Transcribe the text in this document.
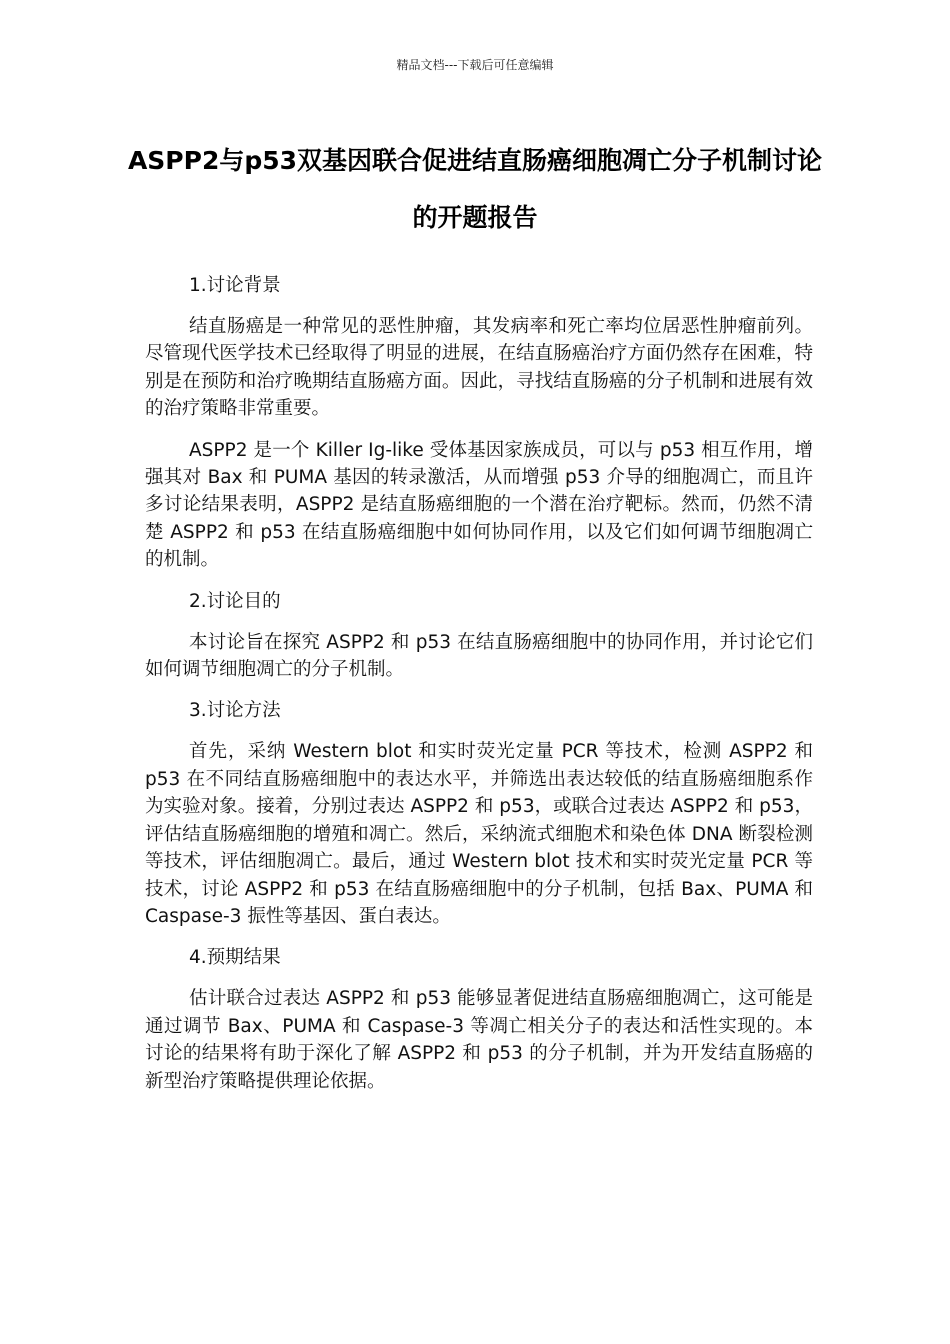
精品文档---下载后可任意编辑
ASPP2与p53双基因联合促进结直肠癌细胞凋亡分子机制讨论的开题报告

1.讨论背景

结直肠癌是一种常见的恶性肿瘤，其发病率和死亡率均位居恶性肿瘤前列。尽管现代医学技术已经取得了明显的进展，在结直肠癌治疗方面仍然存在困难，特别是在预防和治疗晚期结直肠癌方面。因此，寻找结直肠癌的分子机制和进展有效的治疗策略非常重要。

ASPP2 是一个 Killer Ig-like 受体基因家族成员，可以与 p53 相互作用，增强其对 Bax 和 PUMA 基因的转录激活，从而增强 p53 介导的细胞凋亡，而且许多讨论结果表明，ASPP2 是结直肠癌细胞的一个潜在治疗靶标。然而，仍然不清楚 ASPP2 和 p53 在结直肠癌细胞中如何协同作用，以及它们如何调节细胞凋亡的机制。

2.讨论目的

本讨论旨在探究 ASPP2 和 p53 在结直肠癌细胞中的协同作用，并讨论它们如何调节细胞凋亡的分子机制。

3.讨论方法

首先，采纳 Western blot 和实时荧光定量 PCR 等技术，检测 ASPP2 和 p53 在不同结直肠癌细胞中的表达水平，并筛选出表达较低的结直肠癌细胞系作为实验对象。接着，分别过表达 ASPP2 和 p53，或联合过表达 ASPP2 和 p53，评估结直肠癌细胞的增殖和凋亡。然后，采纳流式细胞术和染色体 DNA 断裂检测等技术，评估细胞凋亡。最后，通过 Western blot 技术和实时荧光定量 PCR 等技术，讨论 ASPP2 和 p53 在结直肠癌细胞中的分子机制，包括 Bax、PUMA 和 Caspase-3 振性等基因、蛋白表达。

4.预期结果

估计联合过表达 ASPP2 和 p53 能够显著促进结直肠癌细胞凋亡，这可能是通过调节 Bax、PUMA 和 Caspase-3 等凋亡相关分子的表达和活性实现的。本讨论的结果将有助于深化了解 ASPP2 和 p53 的分子机制，并为开发结直肠癌的新型治疗策略提供理论依据。
